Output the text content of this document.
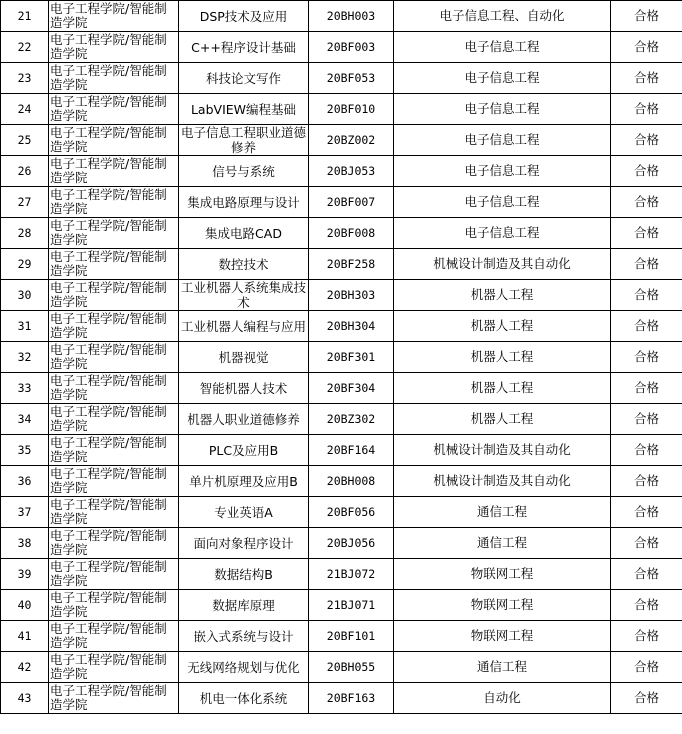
21	电子工程学院/智能制造学院	DSP技术及应用	20BH003	电子信息工程、自动化	合格
22	电子工程学院/智能制造学院	C++程序设计基础	20BF003	电子信息工程	合格
23	电子工程学院/智能制造学院	科技论文写作	20BF053	电子信息工程	合格
24	电子工程学院/智能制造学院	LabVIEW编程基础	20BF010	电子信息工程	合格
25	电子工程学院/智能制造学院	电子信息工程职业道德修养	20BZ002	电子信息工程	合格
26	电子工程学院/智能制造学院	信号与系统	20BJ053	电子信息工程	合格
27	电子工程学院/智能制造学院	集成电路原理与设计	20BF007	电子信息工程	合格
28	电子工程学院/智能制造学院	集成电路CAD	20BF008	电子信息工程	合格
29	电子工程学院/智能制造学院	数控技术	20BF258	机械设计制造及其自动化	合格
30	电子工程学院/智能制造学院	工业机器人系统集成技术	20BH303	机器人工程	合格
31	电子工程学院/智能制造学院	工业机器人编程与应用	20BH304	机器人工程	合格
32	电子工程学院/智能制造学院	机器视觉	20BF301	机器人工程	合格
33	电子工程学院/智能制造学院	智能机器人技术	20BF304	机器人工程	合格
34	电子工程学院/智能制造学院	机器人职业道德修养	20BZ302	机器人工程	合格
35	电子工程学院/智能制造学院	PLC及应用B	20BF164	机械设计制造及其自动化	合格
36	电子工程学院/智能制造学院	单片机原理及应用B	20BH008	机械设计制造及其自动化	合格
37	电子工程学院/智能制造学院	专业英语A	20BF056	通信工程	合格
38	电子工程学院/智能制造学院	面向对象程序设计	20BJ056	通信工程	合格
39	电子工程学院/智能制造学院	数据结构B	21BJ072	物联网工程	合格
40	电子工程学院/智能制造学院	数据库原理	21BJ071	物联网工程	合格
41	电子工程学院/智能制造学院	嵌入式系统与设计	20BF101	物联网工程	合格
42	电子工程学院/智能制造学院	无线网络规划与优化	20BH055	通信工程	合格
43	电子工程学院/智能制造学院	机电一体化系统	20BF163	自动化	合格
